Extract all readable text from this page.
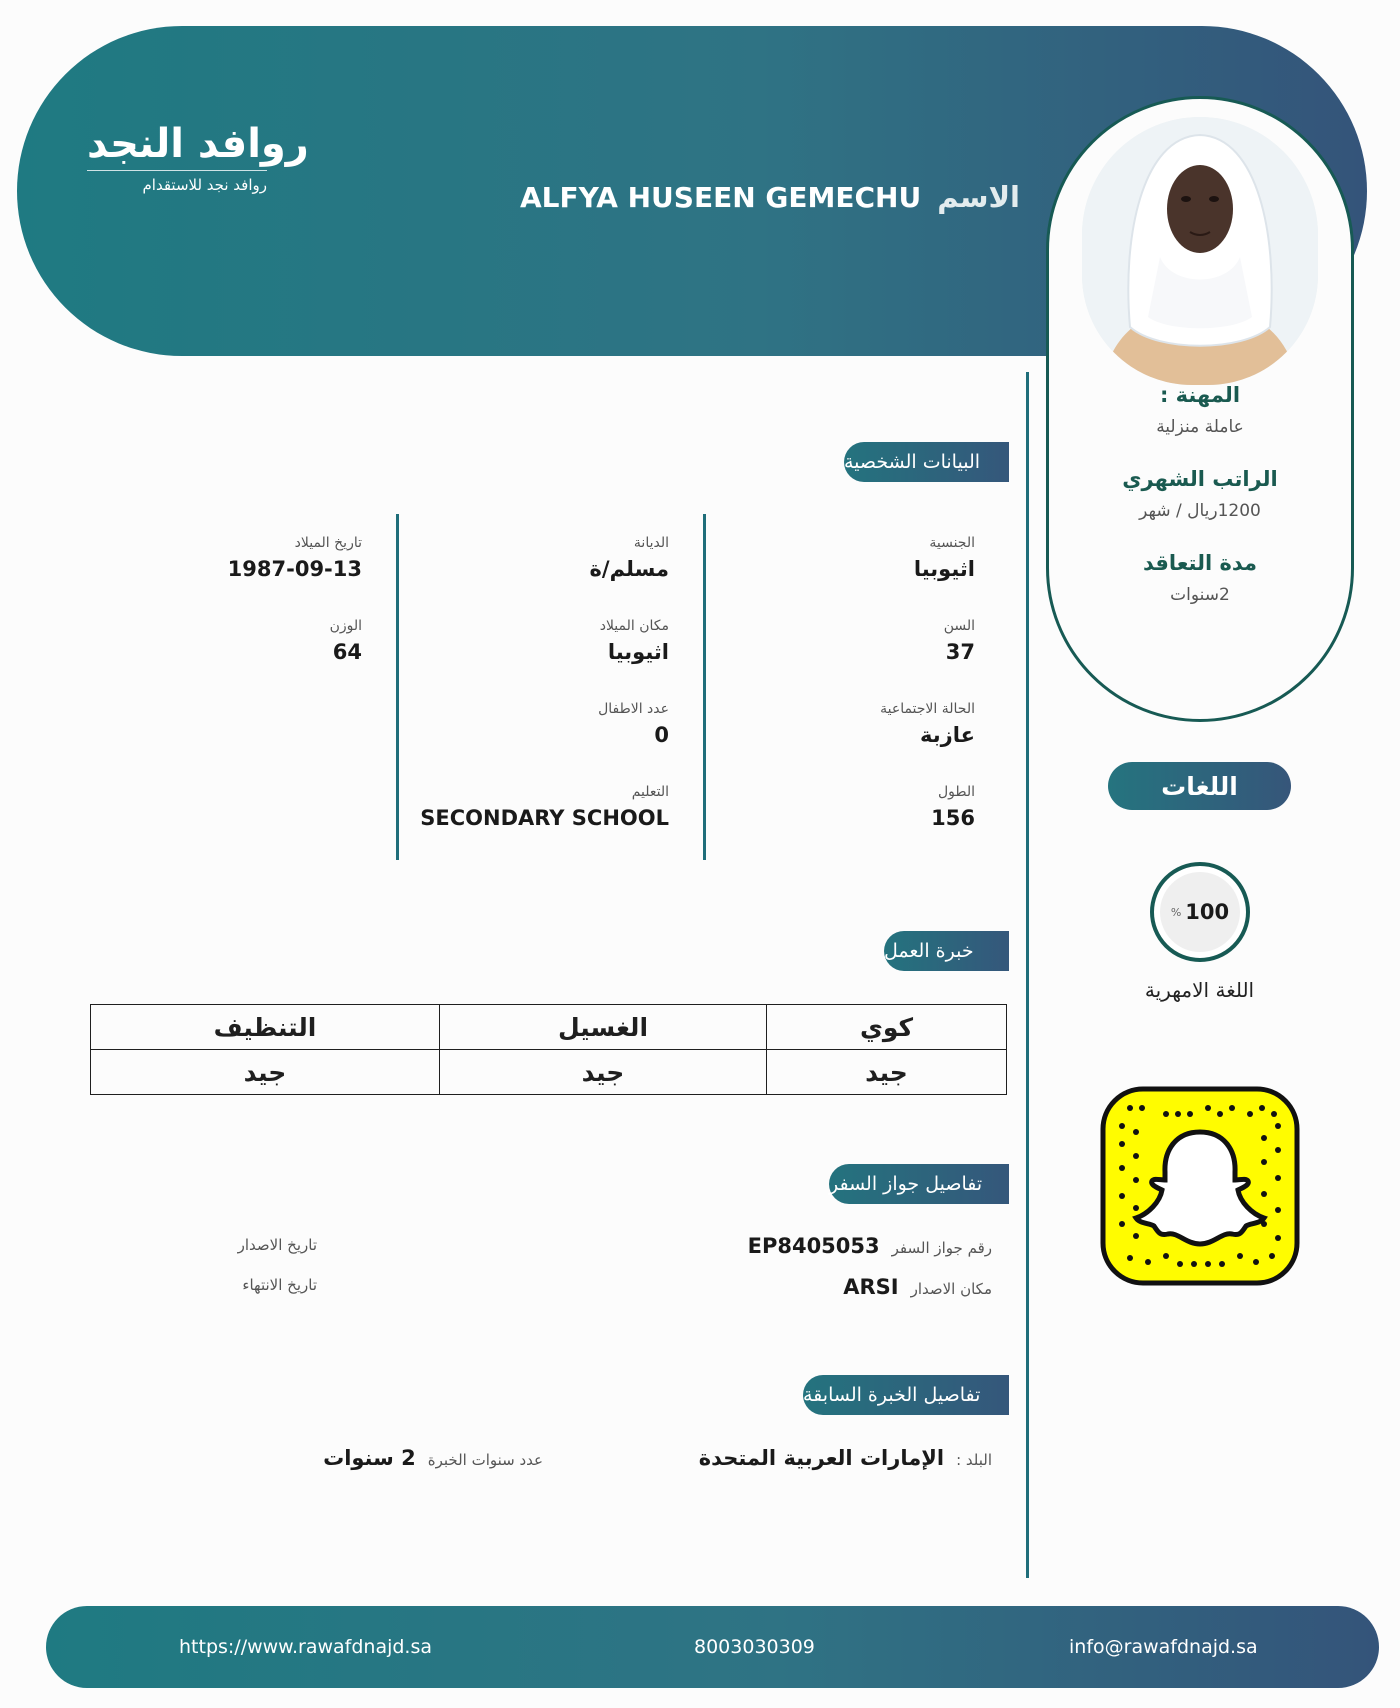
روافد النجد
روافد نجد للاستقدام	الاسم
ALFYA HUSEEN GEMECHU
المهنة :
عاملة منزلية
الراتب الشهري
1200ريال / شهر
مدة التعاقد
2سنوات
البيانات الشخصية
الجنسية
اثيوبيا
الديانة
مسلم/ة
تاريخ الميلاد
1987-09-13
السن
37
مكان الميلاد
اثيوبيا
الوزن
64
الحالة الاجتماعية
عازبة
عدد الاطفال
0
الطول
156
التعليم
SECONDARY SCHOOL
خبرة العمل
كوي	الغسيل	التنظيف
جيد	جيد	جيد
تفاصيل جواز السفر
رقم جواز السفر
EP8405053
مكان الاصدار
ARSI
تاريخ الاصدار
تاريخ الانتهاء
تفاصيل الخبرة السابقة
البلد :
الإمارات العربية المتحدة
عدد سنوات الخبرة
2 سنوات
اللغات
% 100
اللغة الامهرية
https://www.rawafdnajd.sa	8003030309	info@rawafdnajd.sa
